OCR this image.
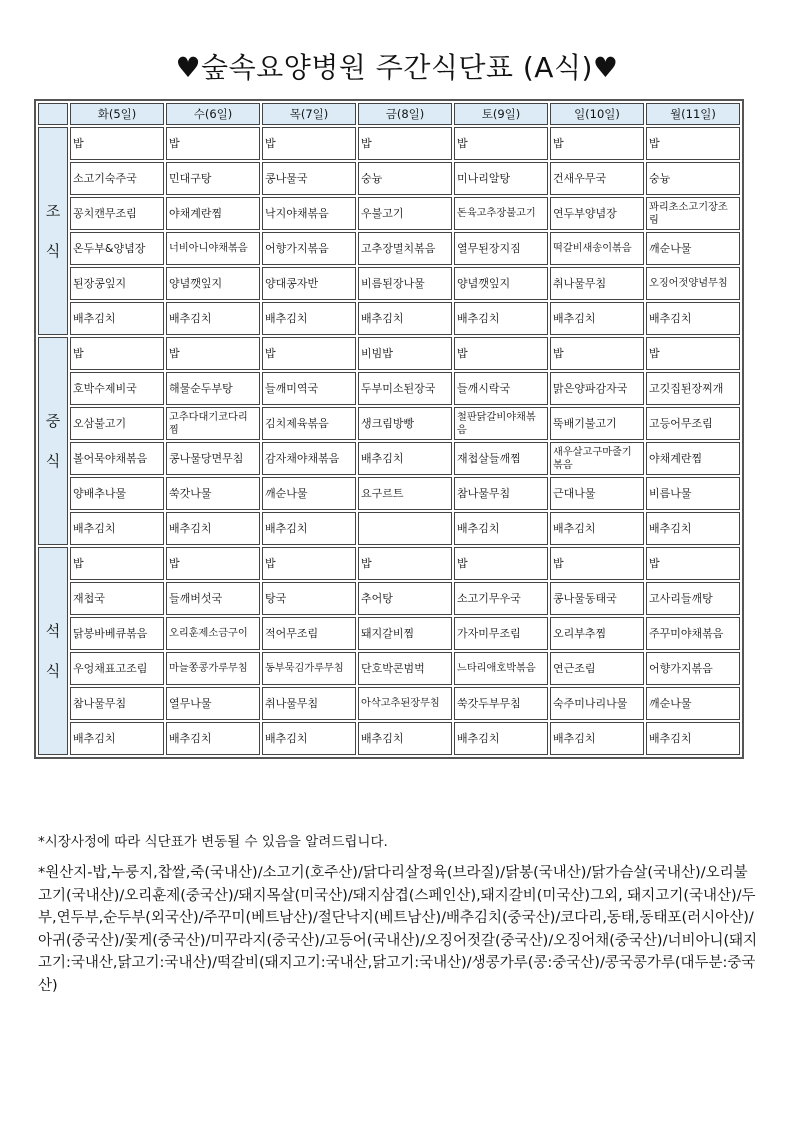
♥숲속요양병원 주간식단표 (A식)♥
	화(5일)	수(6일)	목(7일)	금(8일)	토(9일)	일(10일)	월(11일)

조
식	밥	밥	밥	밥	밥	밥	밥
	소고기숙주국	민대구탕	콩나물국	숭늉	미나리알탕	건새우무국	숭늉
	꽁치캔무조림	야채계란찜	낙지야채볶음	우불고기	돈육고추장불고기	연두부양념장	꽈리초소고기장조림
	온두부&양념장	너비아니야채볶음	어향가지볶음	고추장멸치볶음	열무된장지짐	떡갈비새송이볶음	깨순나물
	된장콩잎지	양념깻잎지	양대콩자반	비름된장나물	양념깻잎지	취나물무침	오징어젓양념무침
	배추김치	배추김치	배추김치	배추김치	배추김치	배추김치	배추김치

중
식	밥	밥	밥	비빔밥	밥	밥	밥
	호박수제비국	해물순두부탕	들깨미역국	두부미소된장국	들깨시락국	맑은양파감자국	고깃집된장찌개
	오삼불고기	고추다대기코다리찜	김치제육볶음	생크림방빵	철판닭갈비야채볶음	뚝배기불고기	고등어무조림
	볼어묵야채볶음	콩나물당면무침	감자채야채볶음	배추김치	재첩살들깨찜	새우살고구마줄기볶음	야채계란찜
	양배추나물	쑥갓나물	깨순나물	요구르트	참나물무침	근대나물	비름나물
	배추김치	배추김치	배추김치		배추김치	배추김치	배추김치

석
식	밥	밥	밥	밥	밥	밥	밥
	재첩국	들깨버섯국	탕국	추어탕	소고기무우국	콩나물동태국	고사리들깨탕
	닭봉바베큐볶음	오리훈제소금구이	적어무조림	돼지갈비찜	가자미무조림	오리부추찜	주꾸미야채볶음
	우엉채표고조림	마늘쫑콩가루무침	동부묵김가루무침	단호박콘범벅	느타리애호박볶음	연근조림	어향가지볶음
	참나물무침	열무나물	취나물무침	아삭고추된장무침	쑥갓두부무침	숙주미나리나물	깨순나물
	배추김치	배추김치	배추김치	배추김치	배추김치	배추김치	배추김치
*시장사정에 따라 식단표가 변동될 수 있음을 알려드립니다.
*원산지-밥,누룽지,찹쌀,죽(국내산)/소고기(호주산)/닭다리살정육(브라질)/닭봉(국내산)/닭가슴살(국내산)/오리불고기(국내산)/오리훈제(중국산)/돼지목살(미국산)/돼지삼겹(스페인산),돼지갈비(미국산)그외, 돼지고기(국내산)/두부,연두부,순두부(외국산)/주꾸미(베트남산)/절단낙지(베트남산)/배추김치(중국산)/코다리,동태,동태포(러시아산)/아귀(중국산)/꽃게(중국산)/미꾸라지(중국산)/고등어(국내산)/오징어젓갈(중국산)/오징어채(중국산)/너비아니(돼지고기:국내산,닭고기:국내산)/떡갈비(돼지고기:국내산,닭고기:국내산)/생콩가루(콩:중국산)/콩국콩가루(대두분:중국산)
